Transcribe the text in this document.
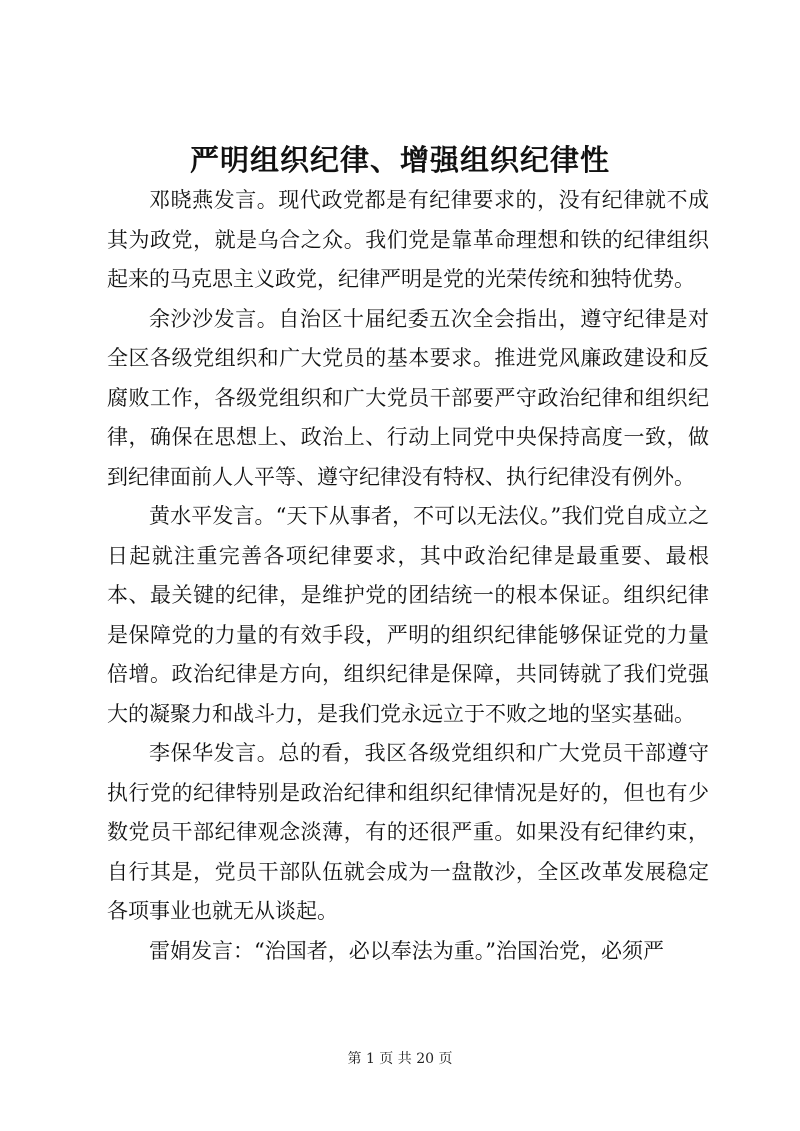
严明组织纪律、增强组织纪律性

邓晓燕发言。现代政党都是有纪律要求的，没有纪律就不成其为政党，就是乌合之众。我们党是靠革命理想和铁的纪律组织起来的马克思主义政党，纪律严明是党的光荣传统和独特优势。

余沙沙发言。自治区十届纪委五次全会指出，遵守纪律是对全区各级党组织和广大党员的基本要求。推进党风廉政建设和反腐败工作，各级党组织和广大党员干部要严守政治纪律和组织纪律，确保在思想上、政治上、行动上同党中央保持高度一致，做到纪律面前人人平等、遵守纪律没有特权、执行纪律没有例外。

黄水平发言。“天下从事者，不可以无法仪。”我们党自成立之日起就注重完善各项纪律要求，其中政治纪律是最重要、最根本、最关键的纪律，是维护党的团结统一的根本保证。组织纪律是保障党的力量的有效手段，严明的组织纪律能够保证党的力量倍增。政治纪律是方向，组织纪律是保障，共同铸就了我们党强大的凝聚力和战斗力，是我们党永远立于不败之地的坚实基础。

李保华发言。总的看，我区各级党组织和广大党员干部遵守执行党的纪律特别是政治纪律和组织纪律情况是好的，但也有少数党员干部纪律观念淡薄，有的还很严重。如果没有纪律约束，自行其是，党员干部队伍就会成为一盘散沙，全区改革发展稳定各项事业也就无从谈起。

雷娟发言：“治国者，必以奉法为重。”治国治党，必须严

第 1 页 共 20 页
